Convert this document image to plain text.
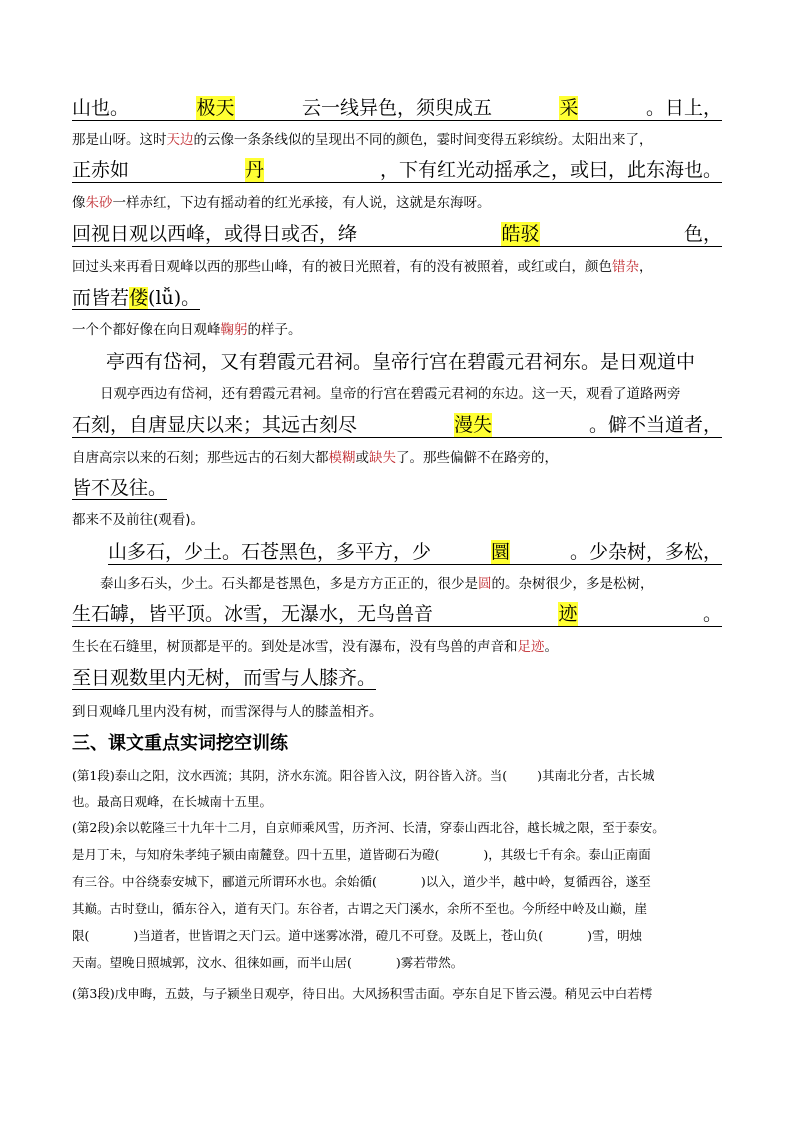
山也。	极天	云一线异色，须臾成五	采	。日上，
那是山呀。这时天边的云像一条条线似的呈现出不同的颜色，霎时间变得五彩缤纷。太阳出来了，
正赤如	丹	，下有红光动摇承之，或曰，此东海也。
像朱砂一样赤红，下边有摇动着的红光承接，有人说，这就是东海呀。
回视日观以西峰，或得日或否，绛	皓驳	色，
回过头来再看日观峰以西的那些山峰，有的被日光照着，有的没有被照着，或红或白，颜色错杂，
而皆若偻(lǚ)。
一个个都好像在向日观峰鞠躬的样子。
亭西有岱祠，又有碧霞元君祠。皇帝行宫在碧霞元君祠东。是日观道中
日观亭西边有岱祠，还有碧霞元君祠。皇帝的行宫在碧霞元君祠的东边。这一天，观看了道路两旁
石刻，自唐显庆以来；其远古刻尽	漫失	。僻不当道者，
自唐高宗以来的石刻；那些远古的石刻大都模糊或缺失了。那些偏僻不在路旁的，
皆不及往。
都来不及前往(观看)。
山多石，少土。石苍黑色，多平方，少	圜	。少杂树，多松，
泰山多石头，少土。石头都是苍黑色，多是方方正正的，很少是圆的。杂树很少，多是松树，
生石罅，皆平顶。冰雪，无瀑水，无鸟兽音	迹	。
生长在石缝里，树顶都是平的。到处是冰雪，没有瀑布，没有鸟兽的声音和足迹。
至日观数里内无树，而雪与人膝齐。
到日观峰几里内没有树，而雪深得与人的膝盖相齐。
三、课文重点实词挖空训练
(第1段)泰山之阳，汶水西流；其阴，济水东流。阳谷皆入汶，阴谷皆入济。当( )其南北分者，古长城
也。最高日观峰，在长城南十五里。
(第2段)余以乾隆三十九年十二月，自京师乘风雪，历齐河、长清，穿泰山西北谷，越长城之限，至于泰安。
是月丁未，与知府朱孝纯子颍由南麓登。四十五里，道皆砌石为磴(	)，其级七千有余。泰山正南面
有三谷。中谷绕泰安城下，郦道元所谓环水也。余始循(	)以入，道少半，越中岭，复循西谷，遂至
其巅。古时登山，循东谷入，道有天门。东谷者，古谓之天门溪水，余所不至也。今所经中岭及山巅，崖
限(	)当道者，世皆谓之天门云。道中迷雾冰滑，磴几不可登。及既上，苍山负(	)雪，明烛
天南。望晚日照城郭，汶水、徂徕如画，而半山居(	)雾若带然。
(第3段)戊申晦，五鼓，与子颍坐日观亭，待日出。大风扬积雪击面。亭东自足下皆云漫。稍见云中白若樗
